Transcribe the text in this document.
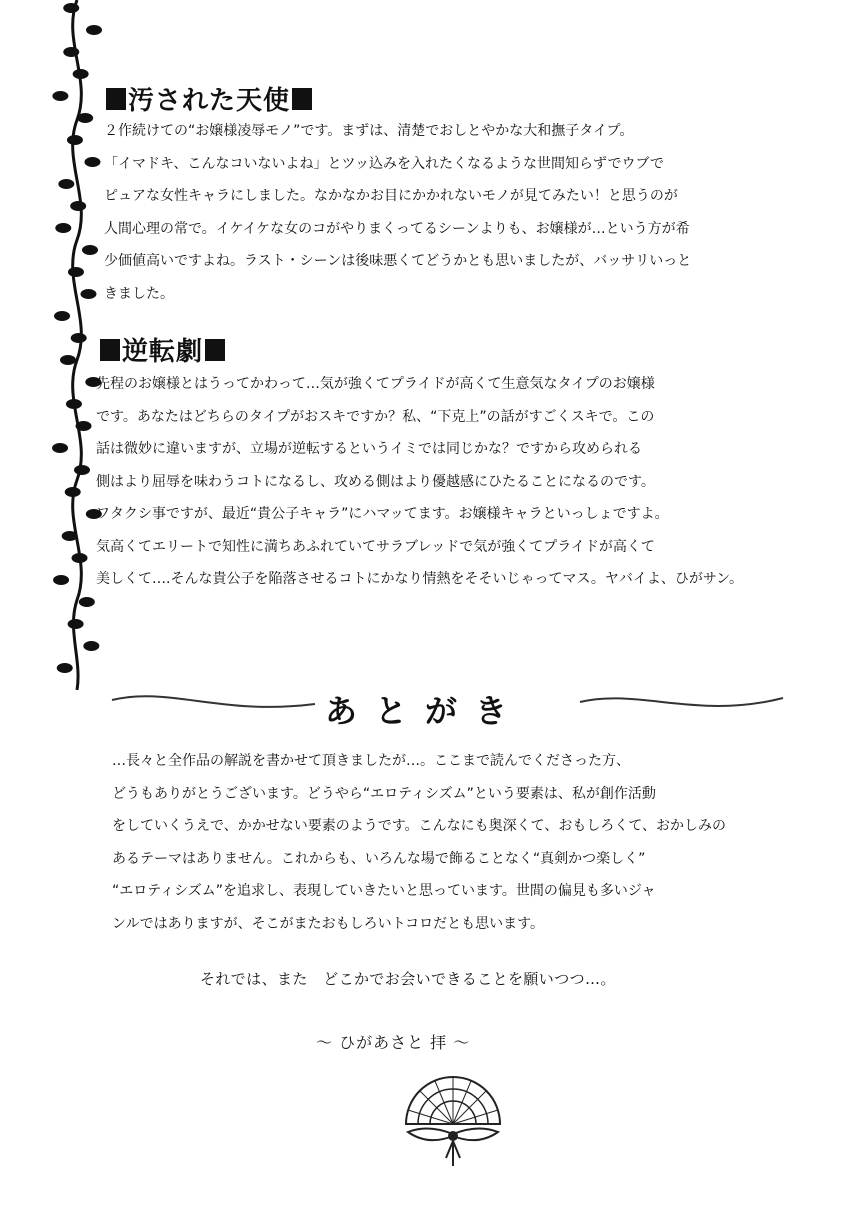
汚された天使
２作続けての“お嬢様凌辱モノ”です。まずは、清楚でおしとやかな大和撫子タイプ。
「イマドキ、こんなコいないよね」とツッ込みを入れたくなるような世間知らずでウブで
ピュアな女性キャラにしました。なかなかお目にかかれないモノが見てみたい！と思うのが
人間心理の常で。イケイケな女のコがやりまくってるシーンよりも、お嬢様が…という方が希
少価値高いですよね。ラスト・シーンは後味悪くてどうかとも思いましたが、バッサリいっと
きました。
逆転劇
先程のお嬢様とはうってかわって…気が強くてプライドが高くて生意気なタイプのお嬢様
です。あなたはどちらのタイプがおスキですか？私、“下克上”の話がすごくスキで。この
話は微妙に違いますが、立場が逆転するというイミでは同じかな？ですから攻められる
側はより屈辱を味わうコトになるし、攻める側はより優越感にひたることになるのです。
ワタクシ事ですが、最近“貴公子キャラ”にハマッてます。お嬢様キャラといっしょですよ。
気高くてエリートで知性に満ちあふれていてサラブレッドで気が強くてプライドが高くて
美しくて….そんな貴公子を陥落させるコトにかなり情熱をそそいじゃってマス。ヤバイよ、ひがサン。
あとがき
…長々と全作品の解説を書かせて頂きましたが…。ここまで読んでくださった方、
どうもありがとうございます。どうやら“エロティシズム”という要素は、私が創作活動
をしていくうえで、かかせない要素のようです。こんなにも奥深くて、おもしろくて、おかしみの
あるテーマはありません。これからも、いろんな場で飾ることなく“真剣かつ楽しく”
“エロティシズム”を追求し、表現していきたいと思っています。世間の偏見も多いジャ
ンルではありますが、そこがまたおもしろいトコロだとも思います。
それでは、また　どこかでお会いできることを願いつつ…。
～ ひがあさと 拝 ～
